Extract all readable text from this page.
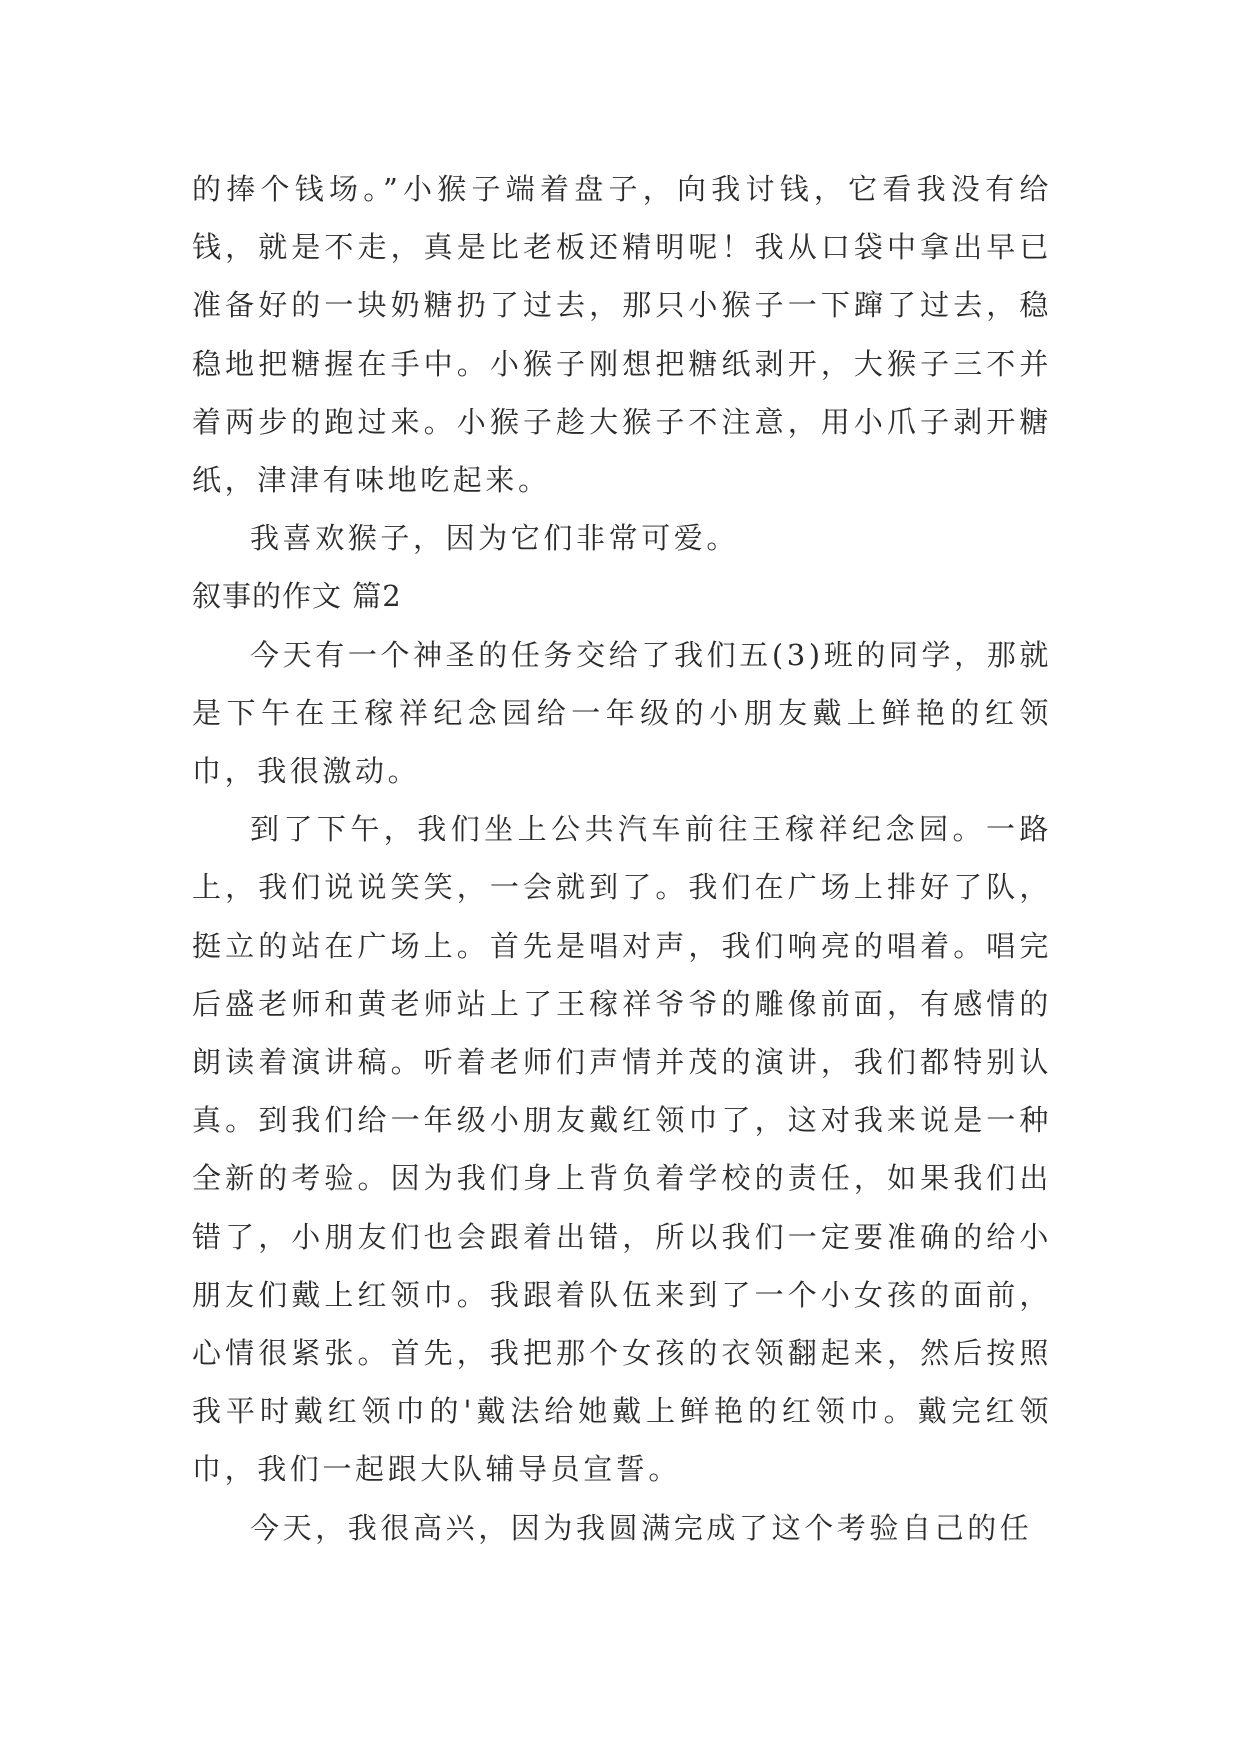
的捧个钱场。”小猴子端着盘子，向我讨钱，它看我没有给钱，就是不走，真是比老板还精明呢！我从口袋中拿出早已准备好的一块奶糖扔了过去，那只小猴子一下蹿了过去，稳稳地把糖握在手中。小猴子刚想把糖纸剥开，大猴子三不并着两步的跑过来。小猴子趁大猴子不注意，用小爪子剥开糖纸，津津有味地吃起来。

我喜欢猴子，因为它们非常可爱。

叙事的作文 篇2

今天有一个神圣的任务交给了我们五(3)班的同学，那就是下午在王稼祥纪念园给一年级的小朋友戴上鲜艳的红领巾，我很激动。

到了下午，我们坐上公共汽车前往王稼祥纪念园。一路上，我们说说笑笑，一会就到了。我们在广场上排好了队，挺立的站在广场上。首先是唱对声，我们响亮的唱着。唱完后盛老师和黄老师站上了王稼祥爷爷的雕像前面，有感情的朗读着演讲稿。听着老师们声情并茂的演讲，我们都特别认真。到我们给一年级小朋友戴红领巾了，这对我来说是一种全新的考验。因为我们身上背负着学校的责任，如果我们出错了，小朋友们也会跟着出错，所以我们一定要准确的给小朋友们戴上红领巾。我跟着队伍来到了一个小女孩的面前，心情很紧张。首先，我把那个女孩的衣领翻起来，然后按照我平时戴红领巾的'戴法给她戴上鲜艳的红领巾。戴完红领巾，我们一起跟大队辅导员宣誓。

今天，我很高兴，因为我圆满完成了这个考验自己的任
